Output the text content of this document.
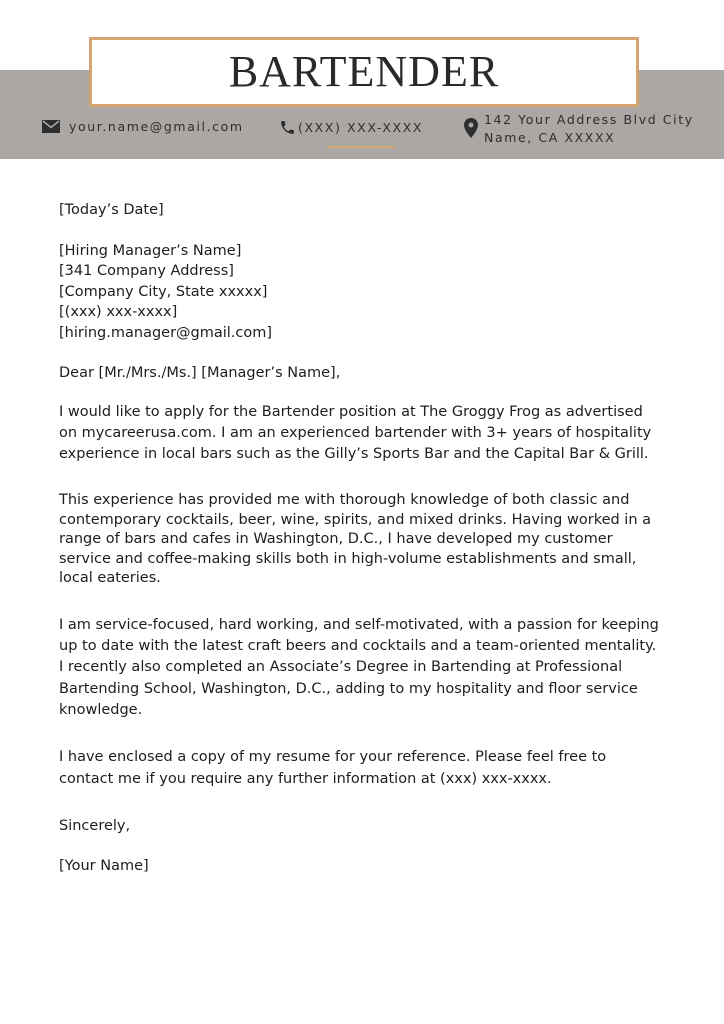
BARTENDER
your.name@gmail.com	(XXX) XXX-XXXX
142 Your Address Blvd City
Name, CA XXXXX

[Today’s Date]

[Hiring Manager’s Name]

[341 Company Address]

[Company City, State xxxxx]

[(xxx) xxx-xxxx]

[hiring.manager@gmail.com]

Dear [Mr./Mrs./Ms.] [Manager’s Name],

I would like to apply for the Bartender position at The Groggy Frog as advertised on mycareerusa.com. I am an experienced bartender with 3+ years of hospitality experience in local bars such as the Gilly’s Sports Bar and the Capital Bar & Grill.

This experience has provided me with thorough knowledge of both classic and contemporary cocktails, beer, wine, spirits, and mixed drinks. Having worked in a range of bars and cafes in Washington, D.C., I have developed my customer service and coffee-making skills both in high-volume establishments and small, local eateries.

I am service-focused, hard working, and self-motivated, with a passion for keeping up to date with the latest craft beers and cocktails and a team-oriented mentality. I recently also completed an Associate’s Degree in Bartending at Professional Bartending School, Washington, D.C., adding to my hospitality and floor service knowledge.

I have enclosed a copy of my resume for your reference. Please feel free to contact me if you require any further information at (xxx) xxx-xxxx.

Sincerely,

[Your Name]
